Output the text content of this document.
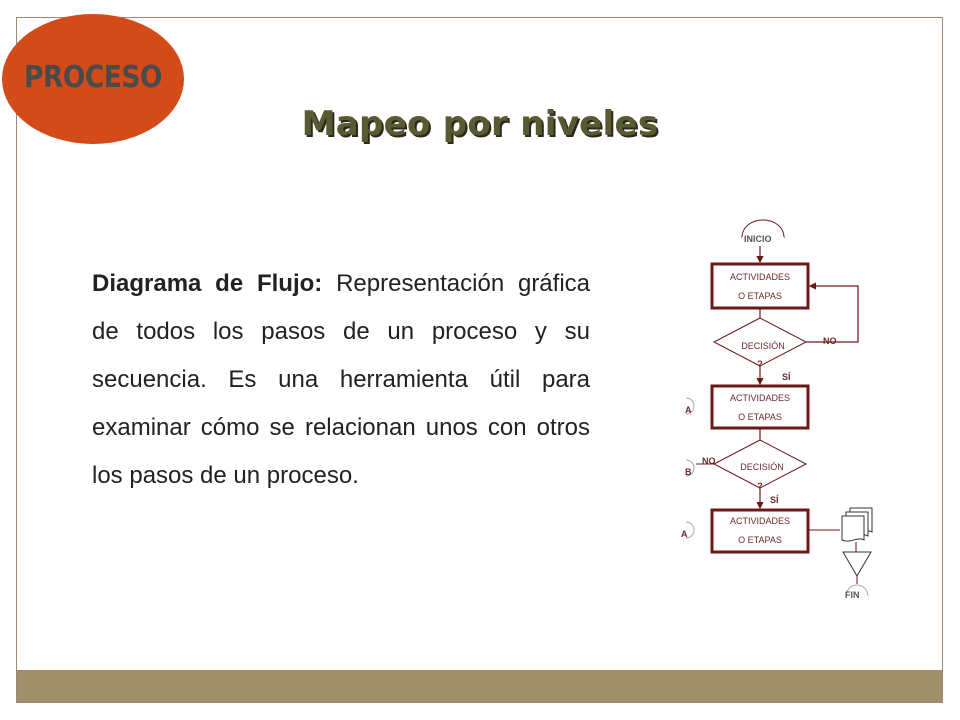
PROCESO
Mapeo por niveles

Diagrama de Flujo: Representación gráfica de todos los pasos de un proceso y su secuencia. Es una herramienta útil para examinar cómo se relacionan unos con otros los pasos de un proceso.

INICIO
ACTIVIDADES
O ETAPAS
DECISIÓN
?
NO
SÍ
A
ACTIVIDADES
O ETAPAS
DECISIÓN
?
NO
B
SÍ
A
ACTIVIDADES
O ETAPAS
FIN
